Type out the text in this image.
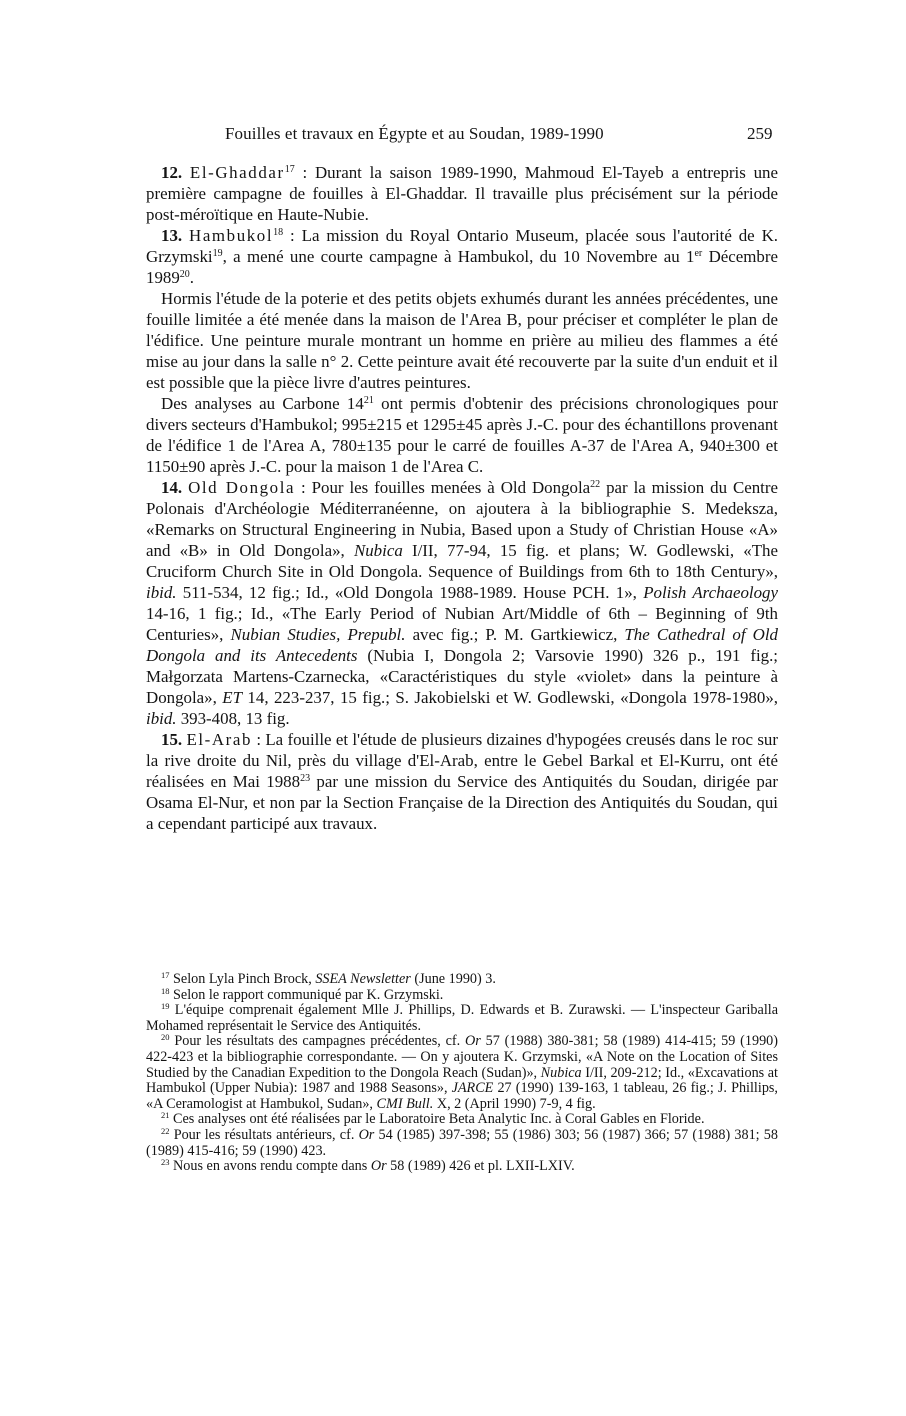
Fouilles et travaux en Égypte et au Soudan, 1989-1990	259

12. El-Ghaddar$^{17}$ : Durant la saison 1989-1990, Mahmoud El-Tayeb a entrepris une première campagne de fouilles à El-Ghaddar. Il travaille plus précisément sur la période post-méroïtique en Haute-Nubie.

13. Hambukol$^{18}$ : La mission du Royal Ontario Museum, placée sous l'autorité de K. Grzymski$^{19}$, a mené une courte campagne à Hambukol, du 10 Novembre au 1er Décembre 1989$^{20}$.

Hormis l'étude de la poterie et des petits objets exhumés durant les années précédentes, une fouille limitée a été menée dans la maison de l'Area B, pour préciser et compléter le plan de l'édifice. Une peinture murale montrant un homme en prière au milieu des flammes a été mise au jour dans la salle n° 2. Cette peinture avait été recouverte par la suite d'un enduit et il est possible que la pièce livre d'autres peintures.

Des analyses au Carbone $14^{21}$ ont permis d'obtenir des précisions chronologiques pour divers secteurs d'Hambukol; 995±215 et 1295±45 après J.-C. pour des échantillons provenant de l'édifice 1 de l'Area A, 780±135 pour le carré de fouilles A-37 de l'Area A, 940±300 et 1150±90 après J.-C. pour la maison 1 de l'Area C.

14. Old Dongola : Pour les fouilles menées à Old Dongola$^{22}$ par la mission du Centre Polonais d'Archéologie Méditerranéenne, on ajoutera à la bibliographie S. Medeksza, «Remarks on Structural Engineering in Nubia, Based upon a Study of Christian House «A» and «B» in Old Dongola», Nubica I/II, 77-94, 15 fig. et plans; W. Godlewski, «The Cruciform Church Site in Old Dongola. Sequence of Buildings from 6th to 18th Century», ibid. 511-534, 12 fig.; Id., «Old Dongola 1988-1989. House PCH. 1», Polish Archaeology 14-16, 1 fig.; Id., «The Early Period of Nubian Art/Middle of 6th – Beginning of 9th Centuries», Nubian Studies, Prepubl. avec fig.; P. M. Gartkiewicz, The Cathedral of Old Dongola and its Antecedents (Nubia I, Dongola 2; Varsovie 1990) 326 p., 191 fig.; Małgorzata Martens-Czarnecka, «Caractéristiques du style «violet» dans la peinture à Dongola», ET 14, 223-237, 15 fig.; S. Jakobielski et W. Godlewski, «Dongola 1978-1980», ibid. 393-408, 13 fig.

15. El-Arab : La fouille et l'étude de plusieurs dizaines d'hypogées creusés dans le roc sur la rive droite du Nil, près du village d'El-Arab, entre le Gebel Barkal et El-Kurru, ont été réalisées en Mai 1988$^{23}$ par une mission du Service des Antiquités du Soudan, dirigée par Osama El-Nur, et non par la Section Française de la Direction des Antiquités du Soudan, qui a cependant participé aux travaux.

$^{17}$ Selon Lyla Pinch Brock, SSEA Newsletter (June 1990) 3.

$^{18}$ Selon le rapport communiqué par K. Grzymski.

$^{19}$ L'équipe comprenait également Mlle J. Phillips, D. Edwards et B. Zurawski. — L'inspecteur Gariballa Mohamed représentait le Service des Antiquités.

$^{20}$ Pour les résultats des campagnes précédentes, cf. Or 57 (1988) 380-381; 58 (1989) 414-415; 59 (1990) 422-423 et la bibliographie correspondante. — On y ajoutera K. Grzymski, «A Note on the Location of Sites Studied by the Canadian Expedition to the Dongola Reach (Sudan)», Nubica I/II, 209-212; Id., «Excavations at Hambukol (Upper Nubia): 1987 and 1988 Seasons», JARCE 27 (1990) 139-163, 1 tableau, 26 fig.; J. Phillips, «A Ceramologist at Hambukol, Sudan», CMI Bull. X, 2 (April 1990) 7-9, 4 fig.

$^{21}$ Ces analyses ont été réalisées par le Laboratoire Beta Analytic Inc. à Coral Gables en Floride.

$^{22}$ Pour les résultats antérieurs, cf. Or 54 (1985) 397-398; 55 (1986) 303; 56 (1987) 366; 57 (1988) 381; 58 (1989) 415-416; 59 (1990) 423.

$^{23}$ Nous en avons rendu compte dans Or 58 (1989) 426 et pl. LXII-LXIV.
